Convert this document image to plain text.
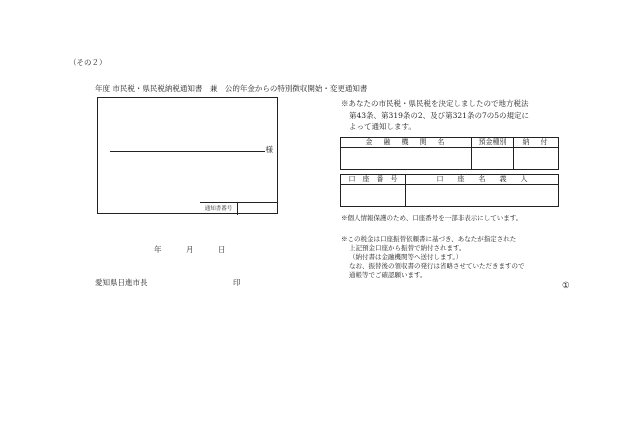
（その２）
年度 市民税・県民税納税通知書　兼　公的年金からの特別徴収開始・変更通知書
様
通知書番号
年	月	日
愛知県日進市長	印
※あなたの市民税・県民税を決定しましたので地方税法
第43条、第319条の2、及び第321条の7の5の規定に
よって通知します。
金　融　機　関　名		預金種別	納　付

口　座　番　号	口　　座　　名　　義　　人		

※個人情報保護のため、口座番号を一部非表示にしています。
※この税金は口座振替依頼書に基づき、あなたが指定された
上記預金口座から振替で納付されます。
（納付書は金融機関等へ送付します。）
なお、振替後の領収書の発行は省略させていただきますので
通帳等でご確認願います。
①
